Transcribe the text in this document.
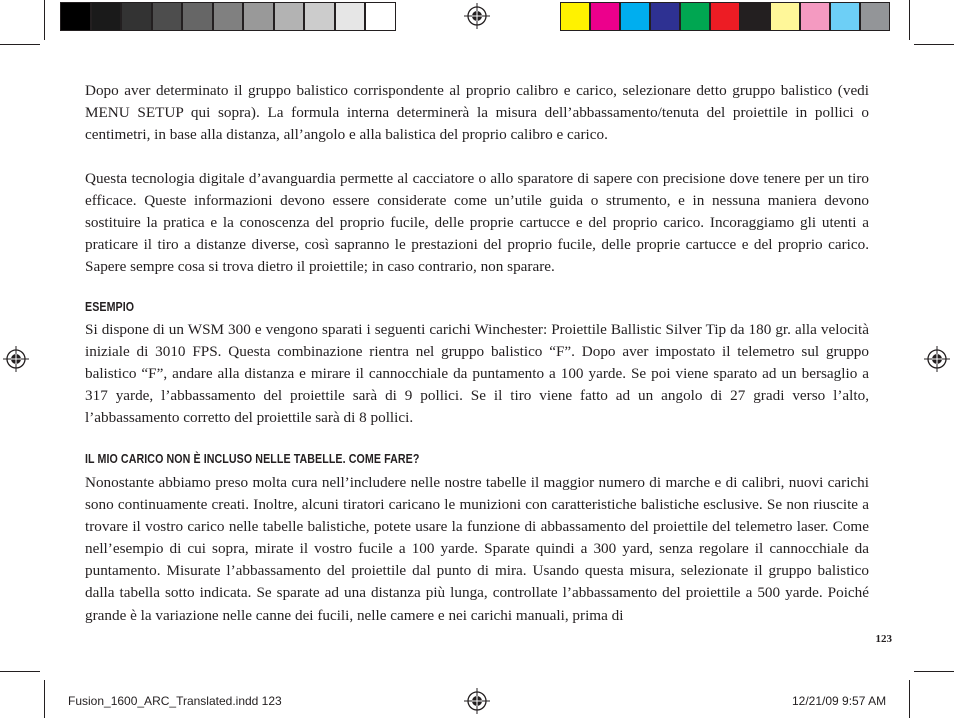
Dopo aver determinato il gruppo balistico corrispondente al proprio calibro e carico, selezionare detto gruppo balistico (vedi MENU SETUP qui sopra). La formula interna determinerà la misura dell’abbassamento/tenuta del proiettile in pollici o centimetri, in base alla distanza, all’angolo e alla balistica del proprio calibro e carico.

Questa tecnologia digitale d’avanguardia permette al cacciatore o allo sparatore di sapere con precisione dove tenere per un tiro efficace. Queste informazioni devono essere considerate come un’utile guida o strumento, e in nessuna maniera devono sostituire la pratica e la conoscenza del proprio fucile, delle proprie cartucce e del proprio carico. Incoraggiamo gli utenti a praticare il tiro a distanze diverse, così sapranno le prestazioni del proprio fucile, delle proprie cartucce e del proprio carico. Sapere sempre cosa si trova dietro il proiettile; in caso contrario, non sparare.

ESEMPIO

Si dispone di un WSM 300 e vengono sparati i seguenti carichi Winchester: Proiettile Ballistic Silver Tip da 180 gr. alla velocità iniziale di 3010 FPS. Questa combinazione rientra nel gruppo balistico “F”. Dopo aver impostato il telemetro sul gruppo balistico “F”, andare alla distanza e mirare il cannocchiale da puntamento a 100 yarde. Se poi viene sparato ad un bersaglio a 317 yarde, l’abbassamento del proiettile sarà di 9 pollici. Se il tiro viene fatto ad un angolo di 27 gradi verso l’alto, l’abbassamento corretto del proiettile sarà di 8 pollici.

IL MIO CARICO NON È INCLUSO NELLE TABELLE. COME FARE?

Nonostante abbiamo preso molta cura nell’includere nelle nostre tabelle il maggior numero di marche e di calibri, nuovi carichi sono continuamente creati. Inoltre, alcuni tiratori caricano le munizioni con caratteristiche balistiche esclusive. Se non riuscite a trovare il vostro carico nelle tabelle balistiche, potete usare la funzione di abbassamento del proiettile del telemetro laser. Come nell’esempio di cui sopra, mirate il vostro fucile a 100 yarde. Sparate quindi a 300 yard, senza regolare il cannocchiale da puntamento. Misurate l’abbassamento del proiettile dal punto di mira. Usando questa misura, selezionate il gruppo balistico dalla tabella sotto indicata. Se sparate ad una distanza più lunga, controllate l’abbassamento del proiettile a 500 yarde. Poiché grande è la variazione nelle canne dei fucili, nelle camere e nei carichi manuali, prima di

123
Fusion_1600_ARC_Translated.indd 123	12/21/09 9:57 AM
